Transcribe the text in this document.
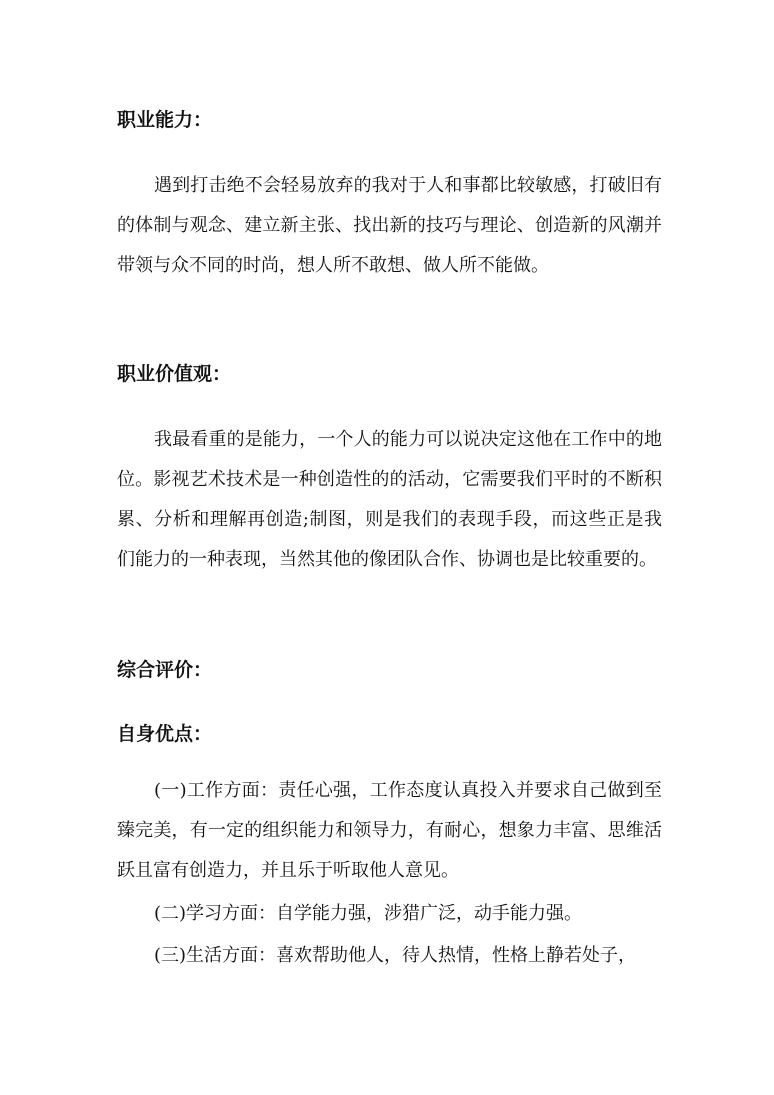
职业能力：

遇到打击绝不会轻易放弃的我对于人和事都比较敏感，打破旧有的体制与观念、建立新主张、找出新的技巧与理论、创造新的风潮并带领与众不同的时尚，想人所不敢想、做人所不能做。

职业价值观：

我最看重的是能力，一个人的能力可以说决定这他在工作中的地位。影视艺术技术是一种创造性的的活动，它需要我们平时的不断积累、分析和理解再创造;制图，则是我们的表现手段，而这些正是我们能力的一种表现，当然其他的像团队合作、协调也是比较重要的。

综合评价：
自身优点：

(一)工作方面：责任心强，工作态度认真投入并要求自己做到至臻完美，有一定的组织能力和领导力，有耐心，想象力丰富、思维活跃且富有创造力，并且乐于听取他人意见。

(二)学习方面：自学能力强，涉猎广泛，动手能力强。

(三)生活方面：喜欢帮助他人，待人热情，性格上静若处子，
